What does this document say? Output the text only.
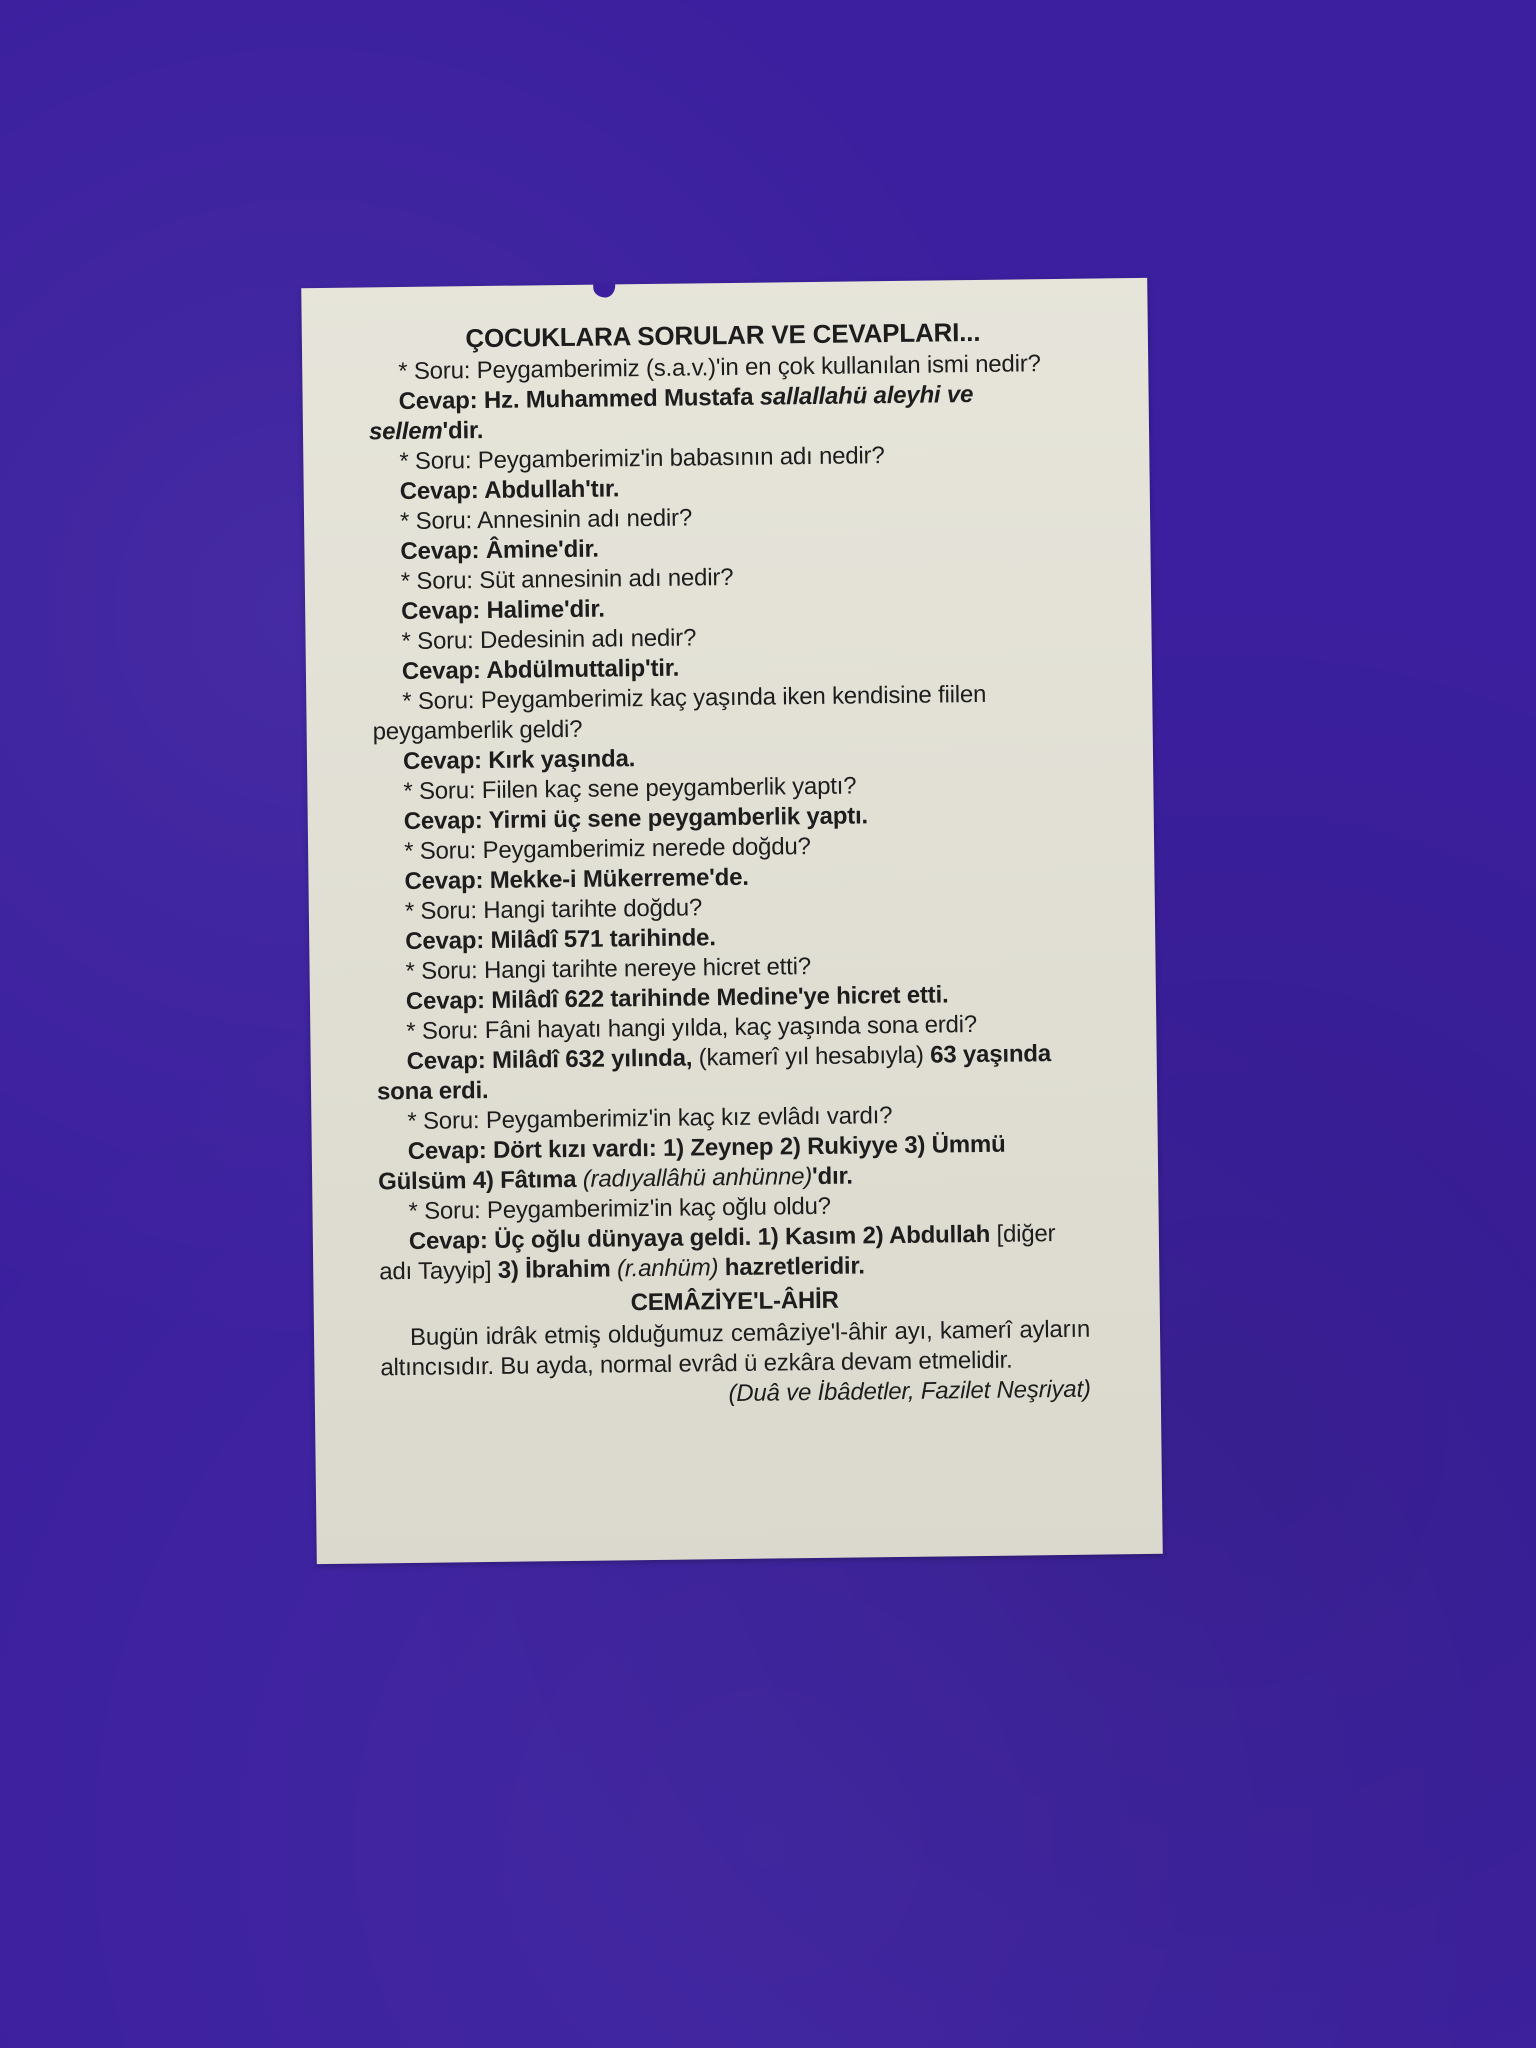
ÇOCUKLARA SORULAR VE CEVAPLARI...

* Soru: Peygamberimiz (s.a.v.)'in en çok kullanılan ismi nedir?

Cevap: Hz. Muhammed Mustafa sallallahü aleyhi ve sellem'dir.

* Soru: Peygamberimiz'in babasının adı nedir?

Cevap: Abdullah'tır.

* Soru: Annesinin adı nedir?

Cevap: Âmine'dir.

* Soru: Süt annesinin adı nedir?

Cevap: Halime'dir.

* Soru: Dedesinin adı nedir?

Cevap: Abdülmuttalip'tir.

* Soru: Peygamberimiz kaç yaşında iken kendisine fiilen peygamberlik geldi?

Cevap: Kırk yaşında.

* Soru: Fiilen kaç sene peygamberlik yaptı?

Cevap: Yirmi üç sene peygamberlik yaptı.

* Soru: Peygamberimiz nerede doğdu?

Cevap: Mekke-i Mükerreme'de.

* Soru: Hangi tarihte doğdu?

Cevap: Milâdî 571 tarihinde.

* Soru: Hangi tarihte nereye hicret etti?

Cevap: Milâdî 622 tarihinde Medine'ye hicret etti.

* Soru: Fâni hayatı hangi yılda, kaç yaşında sona erdi?

Cevap: Milâdî 632 yılında, (kamerî yıl hesabıyla) 63 yaşında sona erdi.

* Soru: Peygamberimiz'in kaç kız evlâdı vardı?

Cevap: Dört kızı vardı: 1) Zeynep 2) Rukiyye 3) Ümmü Gülsüm 4) Fâtıma (radıyallâhü anhünne)'dır.

* Soru: Peygamberimiz'in kaç oğlu oldu?

Cevap: Üç oğlu dünyaya geldi. 1) Kasım 2) Abdullah [diğer adı Tayyip] 3) İbrahim (r.anhüm) hazretleridir.

CEMÂZİYE'L-ÂHİR

Bugün idrâk etmiş olduğumuz cemâziye'l-âhir ayı, kamerî ayların altıncısıdır. Bu ayda, normal evrâd ü ezkâra devam etmelidir.
(Duâ ve İbâdetler, Fazilet Neşriyat)
